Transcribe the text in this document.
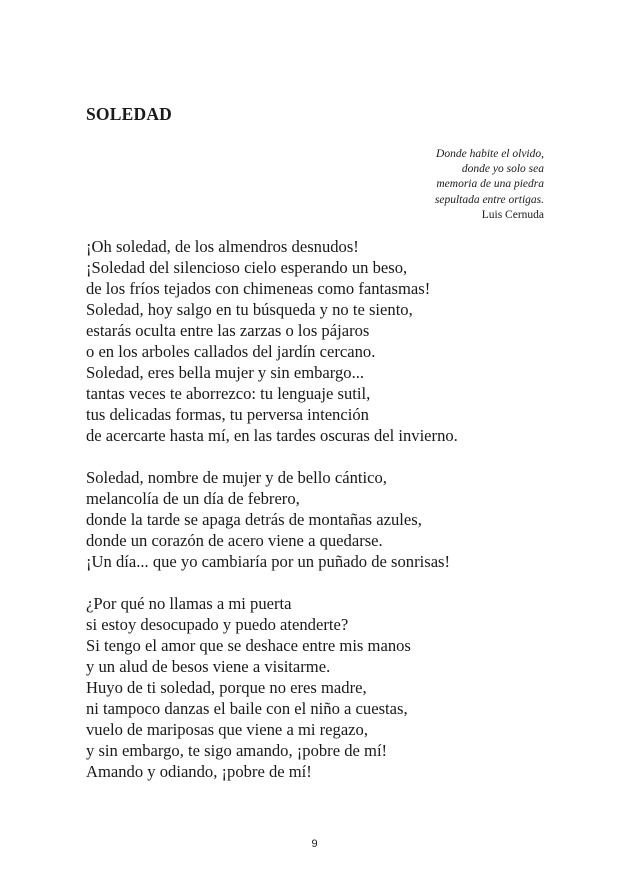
SOLEDAD
Donde habite el olvido,
donde yo solo sea
memoria de una piedra
sepultada entre ortigas.
Luis Cernuda
¡Oh soledad, de los almendros desnudos!
¡Soledad del silencioso cielo esperando un beso,
de los fríos tejados con chimeneas como fantasmas!
Soledad, hoy salgo en tu búsqueda y no te siento,
estarás oculta entre las zarzas o los pájaros
o en los arboles callados del jardín cercano.
Soledad, eres bella mujer y sin embargo...
tantas veces te aborrezco: tu lenguaje sutil,
tus delicadas formas, tu perversa intención
de acercarte hasta mí, en las tardes oscuras del invierno.
Soledad, nombre de mujer y de bello cántico,
melancolía de un día de febrero,
donde la tarde se apaga detrás de montañas azules,
donde un corazón de acero viene a quedarse.
¡Un día... que yo cambiaría por un puñado de sonrisas!
¿Por qué no llamas a mi puerta
si estoy desocupado y puedo atenderte?
Si tengo el amor que se deshace entre mis manos
y un alud de besos viene a visitarme.
Huyo de ti soledad, porque no eres madre,
ni tampoco danzas el baile con el niño a cuestas,
vuelo de mariposas que viene a mi regazo,
y sin embargo, te sigo amando, ¡pobre de mí!
Amando y odiando, ¡pobre de mí!
9
